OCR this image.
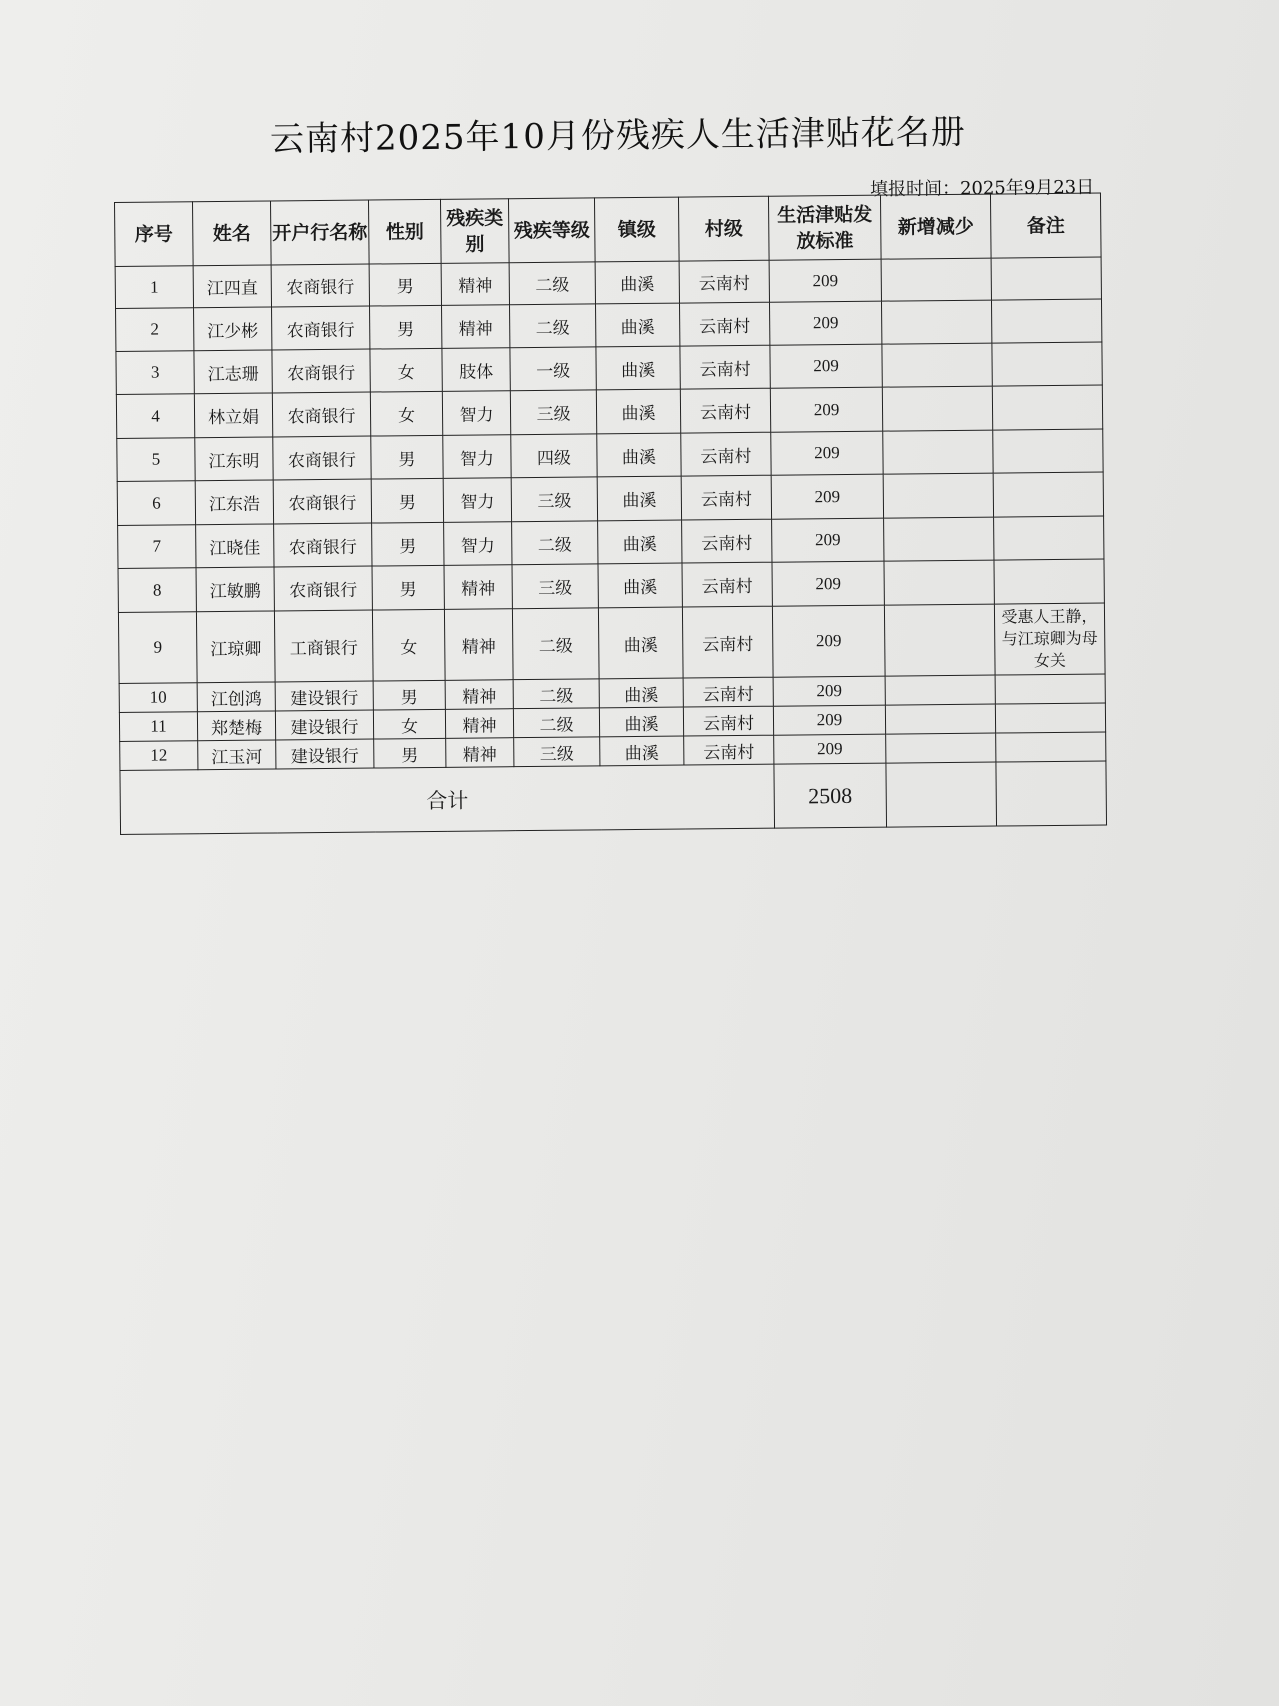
云南村2025年10月份残疾人生活津贴花名册
填报时间：2025年9月23日
序号	姓名	开户行名称	性别	残疾类别	残疾等级	镇级	村级	生活津贴发放标准	新增减少	备注
1	江四直	农商银行	男	精神	二级	曲溪	云南村	209		
2	江少彬	农商银行	男	精神	二级	曲溪	云南村	209		
3	江志珊	农商银行	女	肢体	一级	曲溪	云南村	209		
4	林立娟	农商银行	女	智力	三级	曲溪	云南村	209		
5	江东明	农商银行	男	智力	四级	曲溪	云南村	209		
6	江东浩	农商银行	男	智力	三级	曲溪	云南村	209		
7	江晓佳	农商银行	男	智力	二级	曲溪	云南村	209		
8	江敏鹏	农商银行	男	精神	三级	曲溪	云南村	209		
9	江琼卿	工商银行	女	精神	二级	曲溪	云南村	209		受惠人王静，与江琼卿为母女关
10	江创鸿	建设银行	男	精神	二级	曲溪	云南村	209		
11	郑楚梅	建设银行	女	精神	二级	曲溪	云南村	209		
12	江玉河	建设银行	男	精神	三级	曲溪	云南村	209		
合计								2508		
